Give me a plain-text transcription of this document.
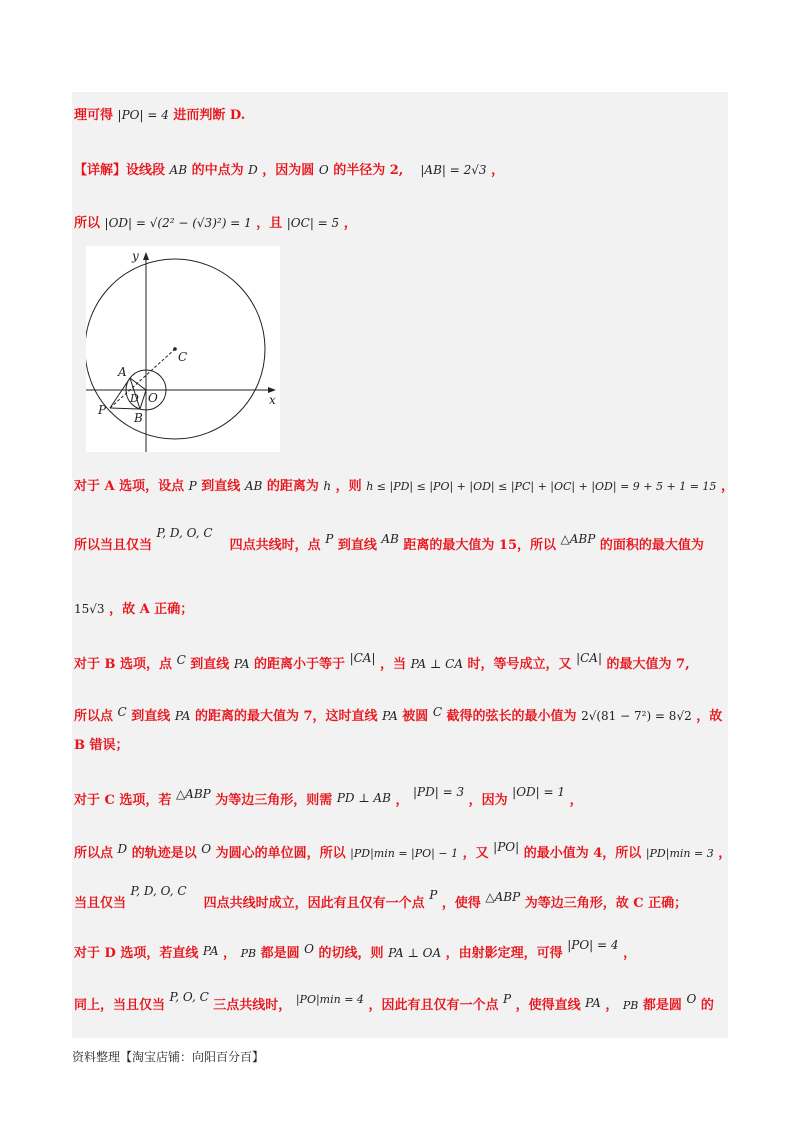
理可得 |PO| = 4 进而判断 D.
【详解】设线段 AB 的中点为 D ，因为圆 O 的半径为 2, |AB| = 2√3 ，
所以 |OD| = √(2² − (√3)²) = 1 ，且 |OC| = 5 ，
y
x
C
A
O
D
P
B
对于 A 选项，设点 P 到直线 AB 的距离为 h ，则 h ≤ |PD| ≤ |PO| + |OD| ≤ |PC| + |OC| + |OD| = 9 + 5 + 1 = 15 ，
所以当且仅当 P, D, O, C  四点共线时，点 P 到直线 AB 距离的最大值为 15，所以 △ABP 的面积的最大值为
15√3 ，故 A 正确；
对于 B 选项，点 C 到直线 PA 的距离小于等于 |CA| ，当 PA ⊥ CA 时，等号成立，又 |CA| 的最大值为 7,
所以点 C 到直线 PA 的距离的最大值为 7，这时直线 PA 被圆 C 截得的弦长的最小值为 2√(81 − 7²) = 8√2 ，故
B 错误；
对于 C 选项，若 △ABP 为等边三角形，则需 PD ⊥ AB ， |PD| = 3 ，因为 |OD| = 1 ，
所以点 D 的轨迹是以 O 为圆心的单位圆，所以 |PD|min = |PO| − 1 ，又 |PO| 的最小值为 4，所以 |PD|min = 3 ，
当且仅当 P, D, O, C  四点共线时成立，因此有且仅有一个点 P ，使得 △ABP 为等边三角形，故 C 正确；
对于 D 选项，若直线 PA ， PB 都是圆 O 的切线，则 PA ⊥ OA ，由射影定理，可得 |PO| = 4 ，
同上，当且仅当 P, O, C 三点共线时， $^{|PO|min = 4}$ ，因此有且仅有一个点 P ，使得直线 PA ， PB 都是圆 O 的
资料整理【淘宝店铺：向阳百分百】
